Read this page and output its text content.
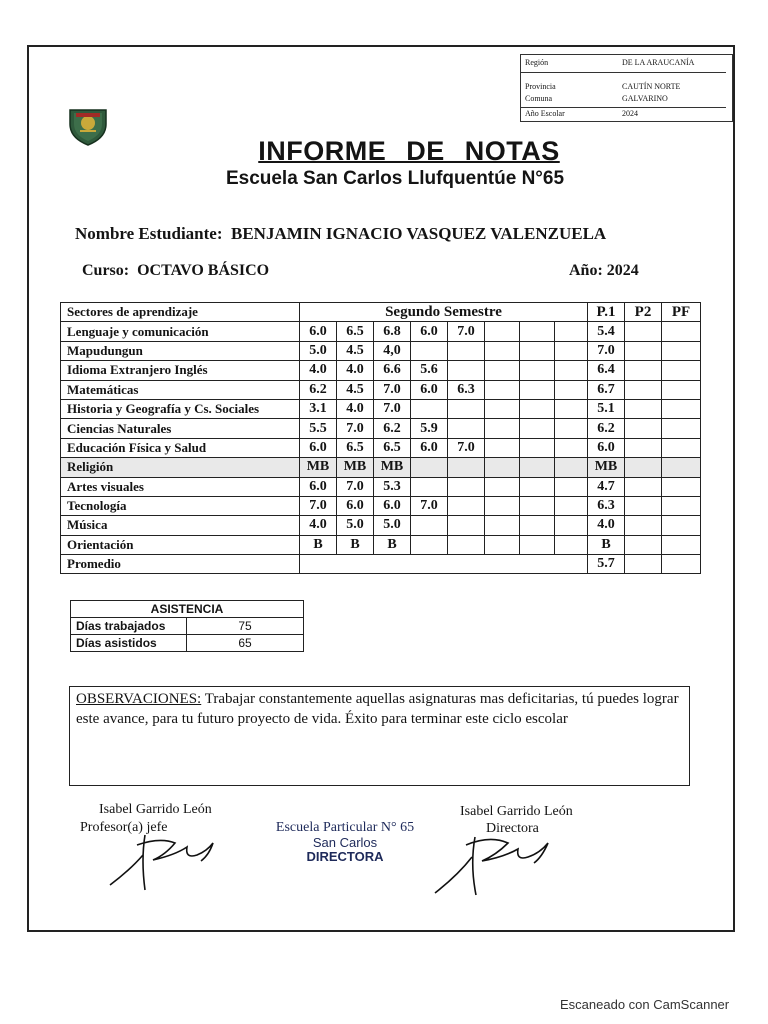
Región	DE LA ARAUCANÍA
Provincia	CAUTÍN NORTE
Comuna	GALVARINO
Año Escolar	2024
INFORME DE NOTAS
Escuela San Carlos Llufquentúe N°65
Nombre Estudiante: BENJAMIN IGNACIO VASQUEZ VALENZUELA
Curso: OCTAVO BÁSICO	Año: 2024
Sectores de aprendizaje	Segundo Semestre								P.1	P2	PF
Lenguaje y comunicación	6.0	6.5	6.8	6.0	7.0				5.4		
Mapudungun	5.0	4.5	4,0						7.0		
Idioma Extranjero Inglés	4.0	4.0	6.6	5.6					6.4		
Matemáticas	6.2	4.5	7.0	6.0	6.3				6.7		
Historia y Geografía y Cs. Sociales	3.1	4.0	7.0						5.1		
Ciencias Naturales	5.5	7.0	6.2	5.9					6.2		
Educación Física y Salud	6.0	6.5	6.5	6.0	7.0				6.0		
Religión	MB	MB	MB						MB		
Artes visuales	6.0	7.0	5.3						4.7		
Tecnología	7.0	6.0	6.0	7.0					6.3		
Música	4.0	5.0	5.0						4.0		
Orientación	B	B	B						B		
Promedio									5.7		
ASISTENCIA	
Días trabajados	75
Días asistidos	65
OBSERVACIONES: Trabajar constantemente aquellas asignaturas mas deficitarias, tú puedes lograr este avance, para tu futuro proyecto de vida. Éxito para terminar este ciclo escolar
Isabel Garrido León
Profesor(a) jefe	Escuela Particular N° 65
San Carlos
DIRECTORA
Isabel Garrido León
Directora
Escaneado con CamScanner
